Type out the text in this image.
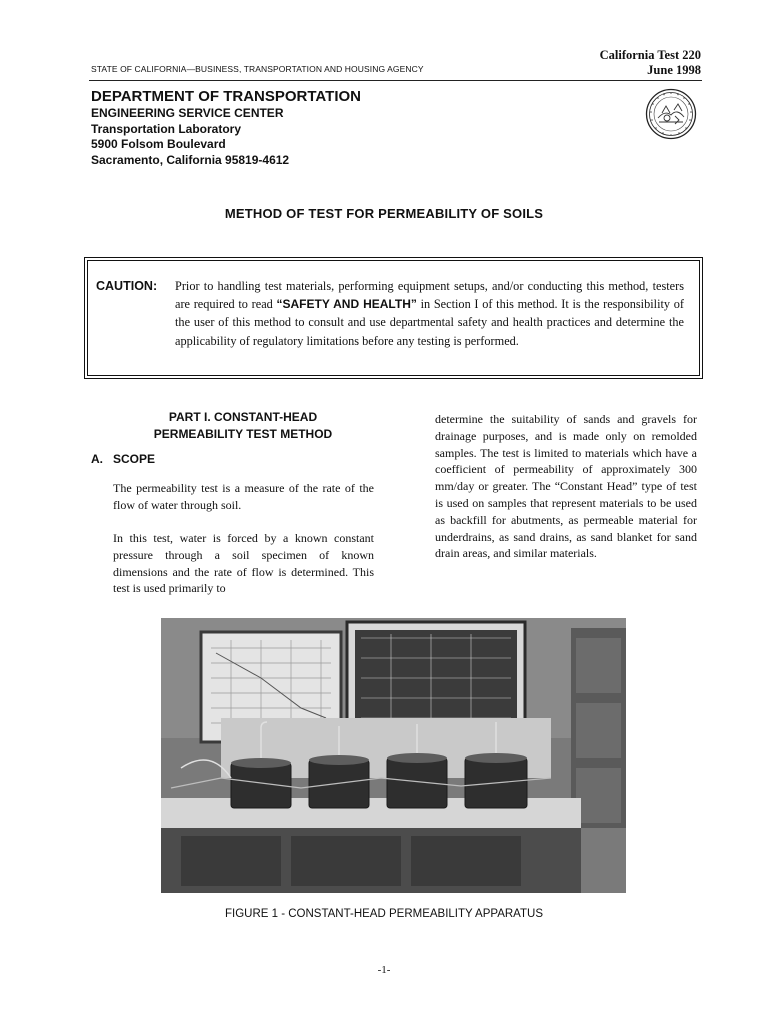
California Test 220
June 1998
STATE OF CALIFORNIA—BUSINESS, TRANSPORTATION AND HOUSING AGENCY
DEPARTMENT OF TRANSPORTATION
ENGINEERING SERVICE CENTER
Transportation Laboratory
5900 Folsom Boulevard
Sacramento, California 95819-4612
METHOD OF TEST FOR PERMEABILITY OF SOILS
CAUTION: Prior to handling test materials, performing equipment setups, and/or conducting this method, testers are required to read “SAFETY AND HEALTH” in Section I of this method. It is the responsibility of the user of this method to consult and use departmental safety and health practices and determine the applicability of regulatory limitations before any testing is performed.
PART I. CONSTANT-HEAD
PERMEABILITY TEST METHOD
A. SCOPE
The permeability test is a measure of the rate of the flow of water through soil.
In this test, water is forced by a known constant pressure through a soil specimen of known dimensions and the rate of flow is determined. This test is used primarily to
determine the suitability of sands and gravels for drainage purposes, and is made only on remolded samples. The test is limited to materials which have a coefficient of permeability of approximately 300 mm/day or greater. The “Constant Head” type of test is used on samples that represent materials to be used as backfill for abutments, as permeable material for underdrains, as sand drains, as sand blanket for sand drain areas, and similar materials.
FIGURE 1 - CONSTANT-HEAD PERMEABILITY APPARATUS
-1-
